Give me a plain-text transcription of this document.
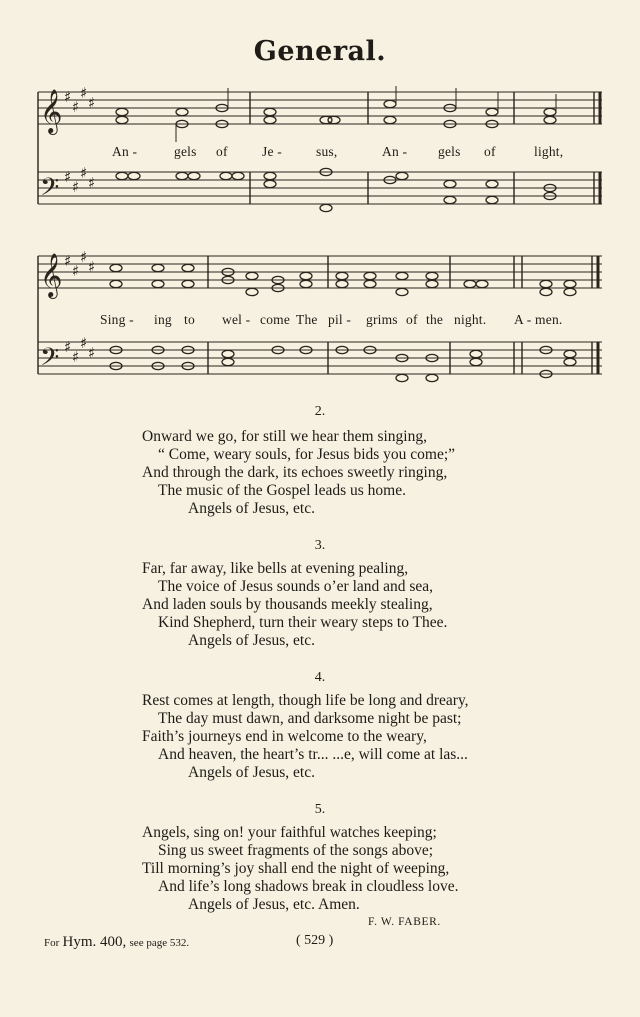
General.
𝄞
𝄢
♯
♯
♯
♯
♯
♯
♯
♯
An -	gels of	Je -	sus,	An - gels of	light,
𝄞
𝄢
♯
♯
♯
♯
♯
♯
♯
♯
Sing - ing to wel - come The pil - grims of the night. A - men.
2.
Onward we go, for still we hear them singing,
“ Come, weary souls, for Jesus bids you come;”
And through the dark, its echoes sweetly ringing,
The music of the Gospel leads us home.
Angels of Jesus, etc.
3.
Far, far away, like bells at evening pealing,
The voice of Jesus sounds o’er land and sea,
And laden souls by thousands meekly stealing,
Kind Shepherd, turn their weary steps to Thee.
Angels of Jesus, etc.
4.
Rest comes at length, though life be long and dreary,
The day must dawn, and darksome night be past;
Faith’s journeys end in welcome to the weary,
And heaven, the heart’s tr... ...e, will come at las...
Angels of Jesus, etc.
5.
Angels, sing on! your faithful watches keeping;
Sing us sweet fragments of the songs above;
Till morning’s joy shall end the night of weeping,
And life’s long shadows break in cloudless love.
Angels of Jesus, etc. Amen.
F. W. FABER.
For Hym. 400, see page 532.	( 529 )
